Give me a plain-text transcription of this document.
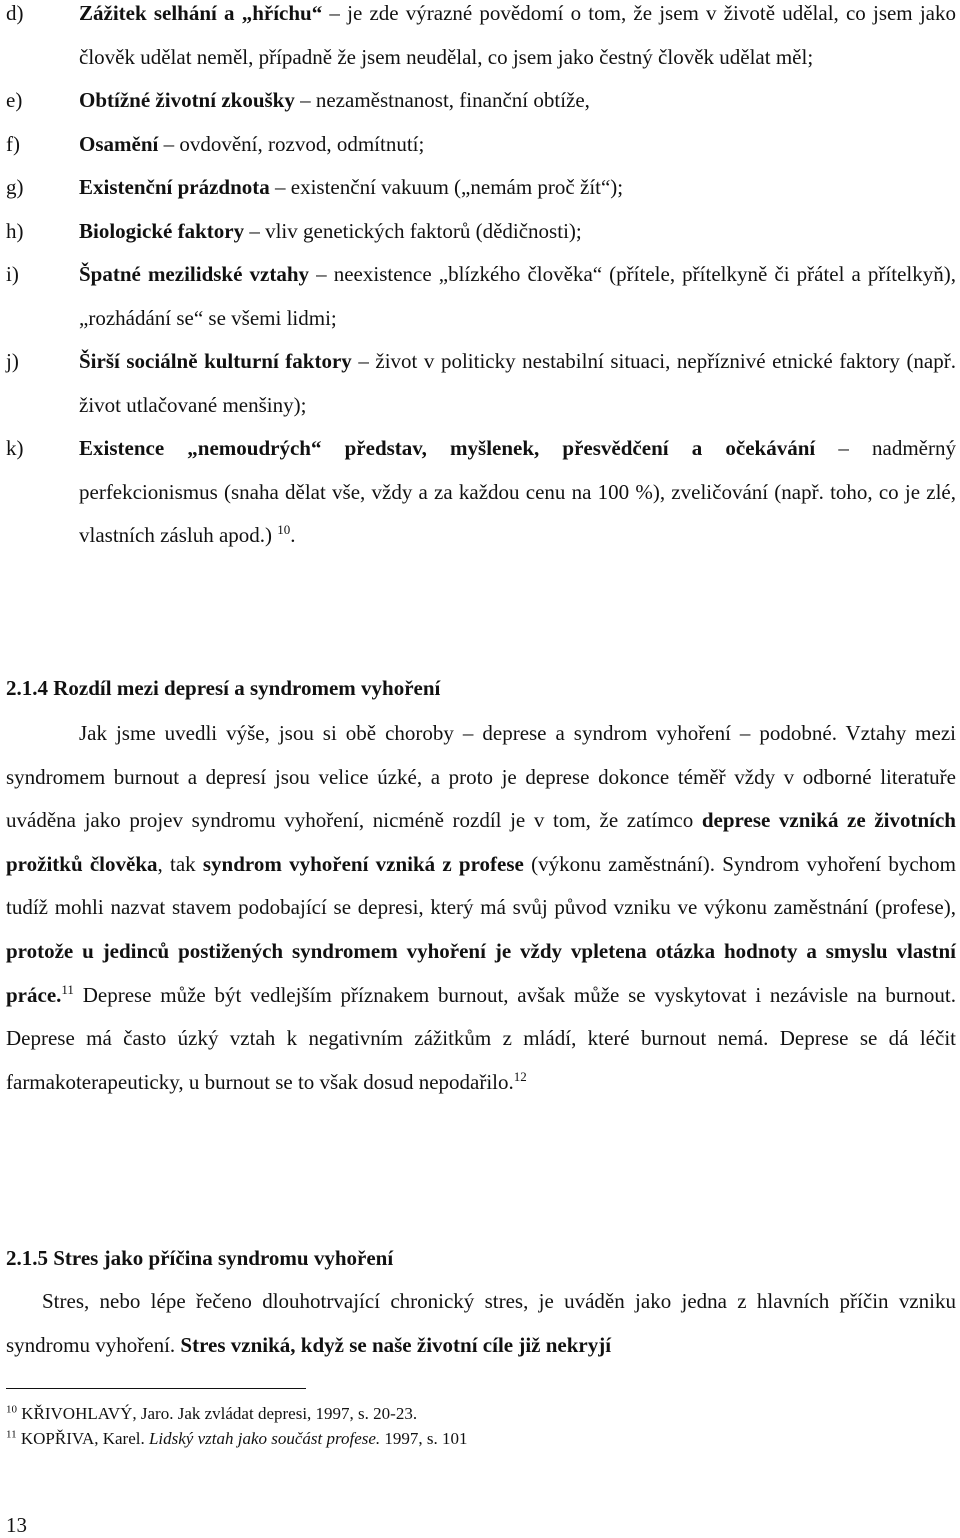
d)	Zážitek selhání a „hříchu“ – je zde výrazné povědomí o tom, že jsem v životě udělal, co jsem jako člověk udělat neměl, případně že jsem neudělal, co jsem jako čestný člověk udělat měl;
e)	Obtížné životní zkoušky – nezaměstnanost, finanční obtíže,
f)	Osamění – ovdovění, rozvod, odmítnutí;
g)	Existenční prázdnota – existenční vakuum („nemám proč žít“);
h)	Biologické faktory – vliv genetických faktorů (dědičnosti);
i)	Špatné mezilidské vztahy – neexistence „blízkého člověka“ (přítele, přítelkyně či přátel a přítelkyň), „rozhádání se“ se všemi lidmi;
j)	Širší sociálně kulturní faktory – život v politicky nestabilní situaci, nepříznivé etnické faktory (např. život utlačované menšiny);
k)	Existence „nemoudrých“ představ, myšlenek, přesvědčení a očekávání – nadměrný perfekcionismus (snaha dělat vše, vždy a za každou cenu na 100 %), zveličování (např. toho, co je zlé, vlastních zásluh apod.) $^{10}$.
2.1.4 Rozdíl mezi depresí a syndromem vyhoření
Jak jsme uvedli výše, jsou si obě choroby – deprese a syndrom vyhoření – podobné. Vztahy mezi syndromem burnout a depresí jsou velice úzké, a proto je deprese dokonce téměř vždy v odborné literatuře uváděna jako projev syndromu vyhoření, nicméně rozdíl je v tom, že zatímco deprese vzniká ze životních prožitků člověka, tak syndrom vyhoření vzniká z profese (výkonu zaměstnání). Syndrom vyhoření bychom tudíž mohli nazvat stavem podobající se depresi, který má svůj původ vzniku ve výkonu zaměstnání (profese), protože u jedinců postižených syndromem vyhoření je vždy vpletena otázka hodnoty a smyslu vlastní práce.$^{11}$ Deprese může být vedlejším příznakem burnout, avšak může se vyskytovat i nezávisle na burnout. Deprese má často úzký vztah k negativním zážitkům z mládí, které burnout nemá. Deprese se dá léčit farmakoterapeuticky, u burnout se to však dosud nepodařilo.$^{12}$
2.1.5 Stres jako příčina syndromu vyhoření
Stres, nebo lépe řečeno dlouhotrvající chronický stres, je uváděn jako jedna z hlavních příčin vzniku syndromu vyhoření. Stres vzniká, když se naše životní cíle již nekryjí
$^{10}$ KŘIVOHLAVÝ, Jaro. Jak zvládat depresi, 1997, s. 20-23.
$^{11}$ KOPŘIVA, Karel. Lidský vztah jako součást profese. 1997, s. 101
13
